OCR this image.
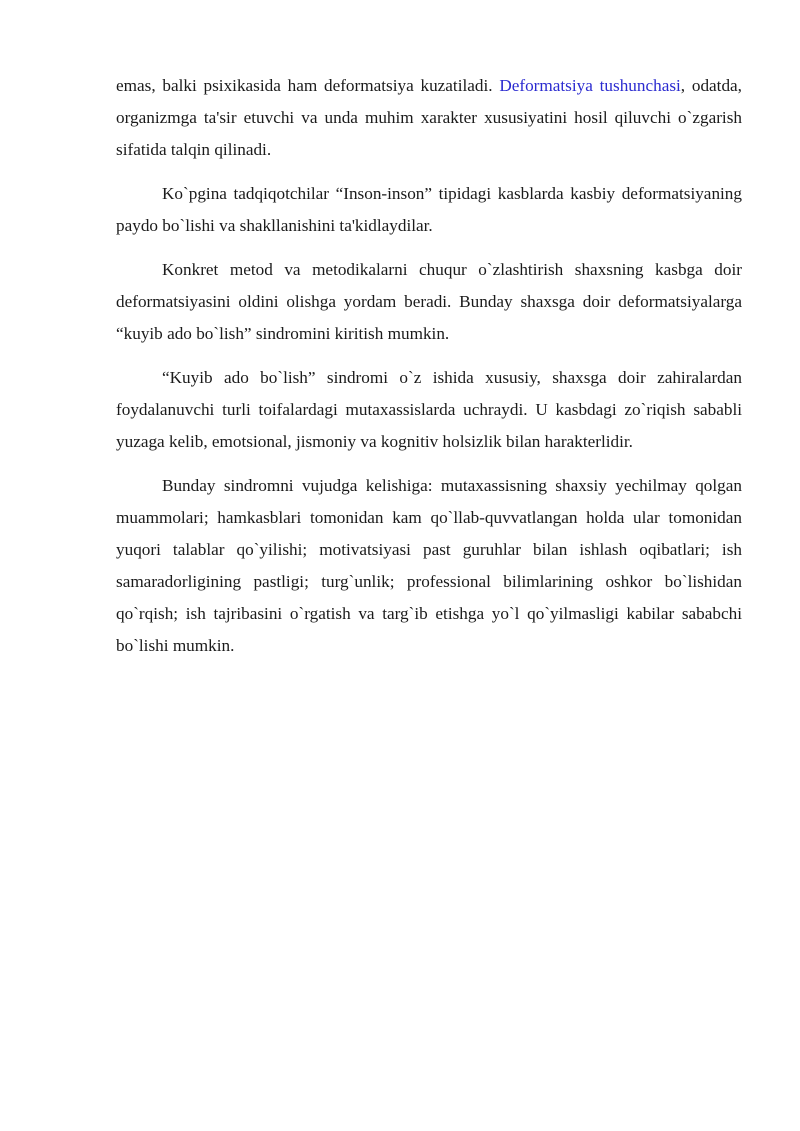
emas, balki psixikasida ham deformatsiya kuzatiladi. Deformatsiya tushunchasi, odatda, organizmga ta'sir etuvchi va unda muhim xarakter xususiyatini hosil qiluvchi o`zgarish sifatida talqin qilinadi.

Ko`pgina tadqiqotchilar “Inson-inson” tipidagi kasblarda kasbiy deformatsiyaning paydo bo`lishi va shakllanishini ta'kidlaydilar.

Konkret metod va metodikalarni chuqur o`zlashtirish shaxsning kasbga doir deformatsiyasini oldini olishga yordam beradi. Bunday shaxsga doir deformatsiyalarga “kuyib ado bo`lish” sindromini kiritish mumkin.

“Kuyib ado bo`lish” sindromi o`z ishida xususiy, shaxsga doir zahiralardan foydalanuvchi turli toifalardagi mutaxassislarda uchraydi. U kasbdagi zo`riqish sababli yuzaga kelib, emotsional, jismoniy va kognitiv holsizlik bilan harakterlidir.

Bunday sindromni vujudga kelishiga: mutaxassisning shaxsiy yechilmay qolgan muammolari; hamkasblari tomonidan kam qo`llab-quvvatlangan holda ular tomonidan yuqori talablar qo`yilishi; motivatsiyasi past guruhlar bilan ishlash oqibatlari; ish samaradorligining pastligi; turg`unlik; professional bilimlarining oshkor bo`lishidan qo`rqish; ish tajribasini o`rgatish va targ`ib etishga yo`l qo`yilmasligi kabilar sababchi bo`lishi mumkin.
